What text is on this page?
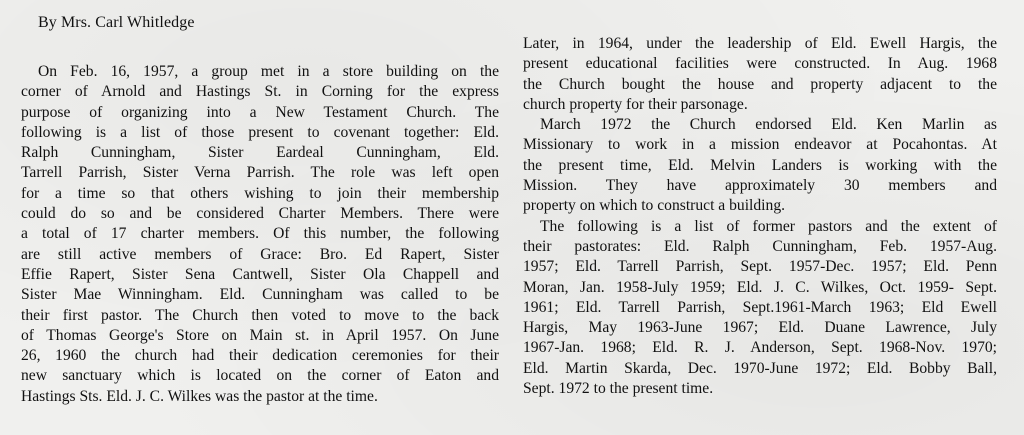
By Mrs. Carl Whitledge
On Feb. 16, 1957, a group met in a store building on the
corner of Arnold and Hastings St. in Corning for the express
purpose of organizing into a New Testament Church. The
following is a list of those present to covenant together: Eld.
Ralph Cunningham, Sister Eardeal Cunningham, Eld.
Tarrell Parrish, Sister Verna Parrish. The role was left open
for a time so that others wishing to join their membership
could do so and be considered Charter Members. There were
a total of 17 charter members. Of this number, the following
are still active members of Grace: Bro. Ed Rapert, Sister
Effie Rapert, Sister Sena Cantwell, Sister Ola Chappell and
Sister Mae Winningham. Eld. Cunningham was called to be
their first pastor. The Church then voted to move to the back
of Thomas George's Store on Main st. in April 1957. On June
26, 1960 the church had their dedication ceremonies for their
new sanctuary which is located on the corner of Eaton and
Hastings Sts. Eld. J. C. Wilkes was the pastor at the time.
Later, in 1964, under the leadership of Eld. Ewell Hargis, the
present educational facilities were constructed. In Aug. 1968
the Church bought the house and property adjacent to the
church property for their parsonage.
March 1972 the Church endorsed Eld. Ken Marlin as
Missionary to work in a mission endeavor at Pocahontas. At
the present time, Eld. Melvin Landers is working with the
Mission. They have approximately 30 members and
property on which to construct a building.
The following is a list of former pastors and the extent of
their pastorates: Eld. Ralph Cunningham, Feb. 1957-Aug.
1957; Eld. Tarrell Parrish, Sept. 1957-Dec. 1957; Eld. Penn
Moran, Jan. 1958-July 1959; Eld. J. C. Wilkes, Oct. 1959- Sept.
1961; Eld. Tarrell Parrish, Sept.1961-March 1963; Eld Ewell
Hargis, May 1963-June 1967; Eld. Duane Lawrence, July
1967-Jan. 1968; Eld. R. J. Anderson, Sept. 1968-Nov. 1970;
Eld. Martin Skarda, Dec. 1970-June 1972; Eld. Bobby Ball,
Sept. 1972 to the present time.
